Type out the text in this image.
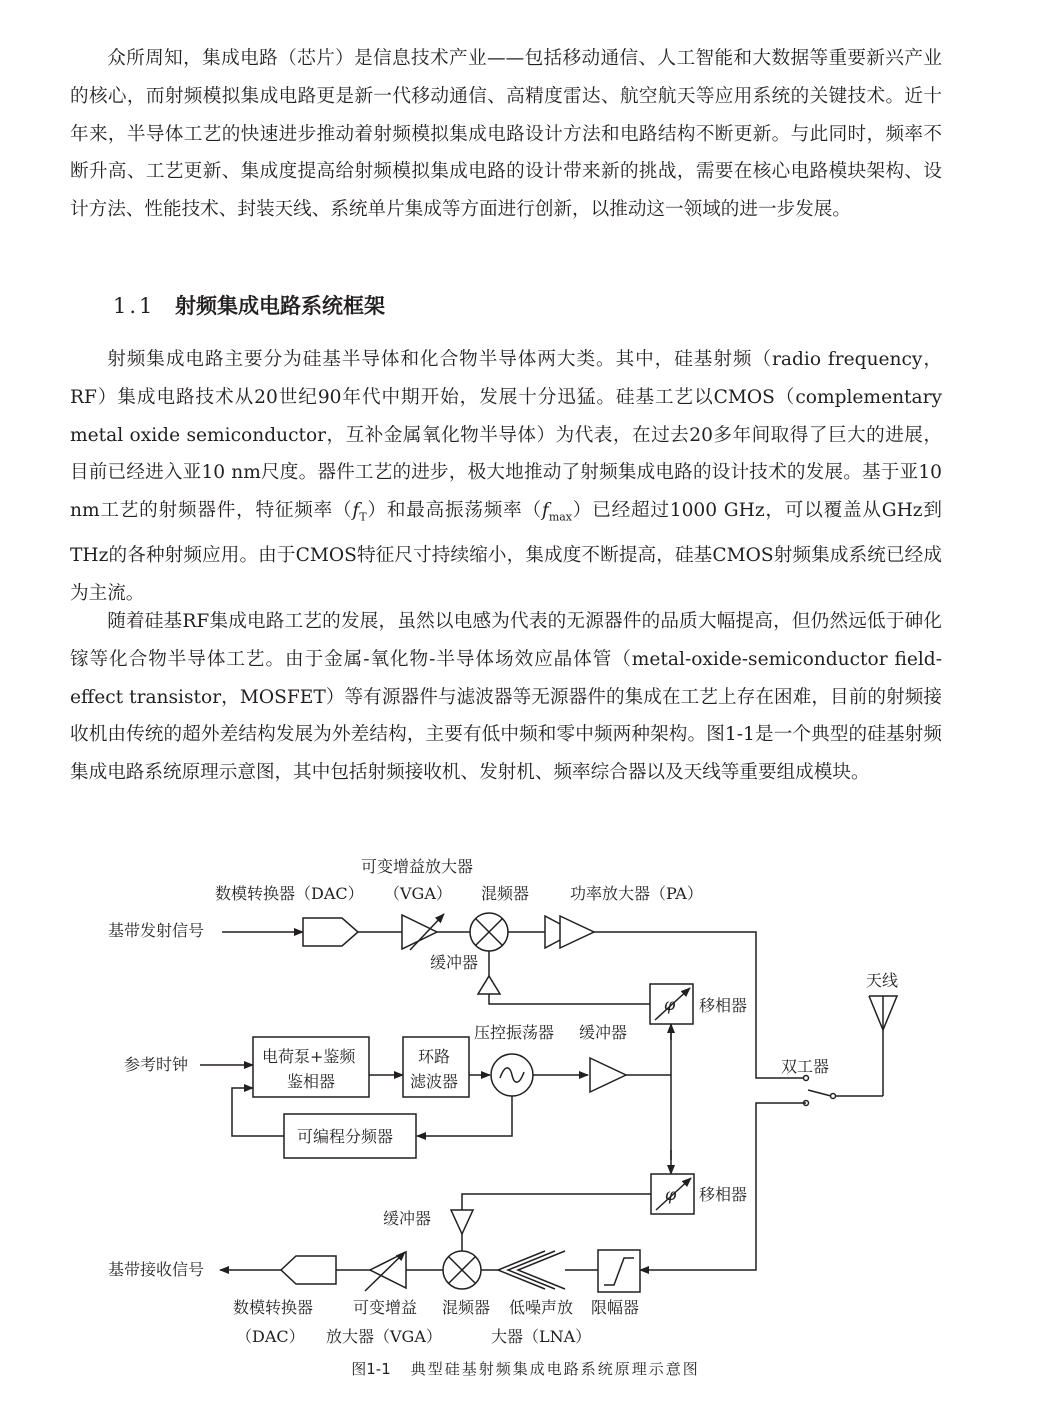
众所周知，集成电路（芯片）是信息技术产业——包括移动通信、人工智能和大数据等重要新兴产业的核心，而射频模拟集成电路更是新一代移动通信、高精度雷达、航空航天等应用系统的关键技术。近十年来，半导体工艺的快速进步推动着射频模拟集成电路设计方法和电路结构不断更新。与此同时，频率不断升高、工艺更新、集成度提高给射频模拟集成电路的设计带来新的挑战，需要在核心电路模块架构、设计方法、性能技术、封装天线、系统单片集成等方面进行创新，以推动这一领域的进一步发展。

1.1 射频集成电路系统框架

射频集成电路主要分为硅基半导体和化合物半导体两大类。其中，硅基射频（radio frequency，RF）集成电路技术从20世纪90年代中期开始，发展十分迅猛。硅基工艺以CMOS（complementary metal oxide semiconductor，互补金属氧化物半导体）为代表，在过去20多年间取得了巨大的进展，目前已经进入亚10 nm尺度。器件工艺的进步，极大地推动了射频集成电路的设计技术的发展。基于亚10 nm工艺的射频器件，特征频率$(f_T)$和最高振荡频率$(f_{max})$已经超过1000 GHz，可以覆盖从GHz到THz的各种射频应用。由于CMOS特征尺寸持续缩小，集成度不断提高，硅基CMOS射频集成系统已经成为主流。

随着硅基RF集成电路工艺的发展，虽然以电感为代表的无源器件的品质大幅提高，但仍然远低于砷化镓等化合物半导体工艺。由于金属-氧化物-半导体场效应晶体管（metal-oxide-semiconductor field-effect transistor，MOSFET）等有源器件与滤波器等无源器件的集成在工艺上存在困难，目前的射频接收机由传统的超外差结构发展为外差结构，主要有低中频和零中频两种架构。图1-1是一个典型的硅基射频集成电路系统原理示意图，其中包括射频接收机、发射机、频率综合器以及天线等重要组成模块。

基带发射信号
数模转换器（DAC）
可变增益放大器
（VGA） 混频器	功率放大器（PA）
缓冲器
移相器
φ
天线
参考时钟	电荷泵+鉴频
鉴相器
环路
滤波器
压控振荡器 缓冲器
双工器
可编程分频器
移相器
φ
缓冲器
基带接收信号
数模转换器
（DAC）
可变增益
放大器（VGA）
混频器 低噪声放
大器（LNA）
限幅器

图1-1 典型硅基射频集成电路系统原理示意图
